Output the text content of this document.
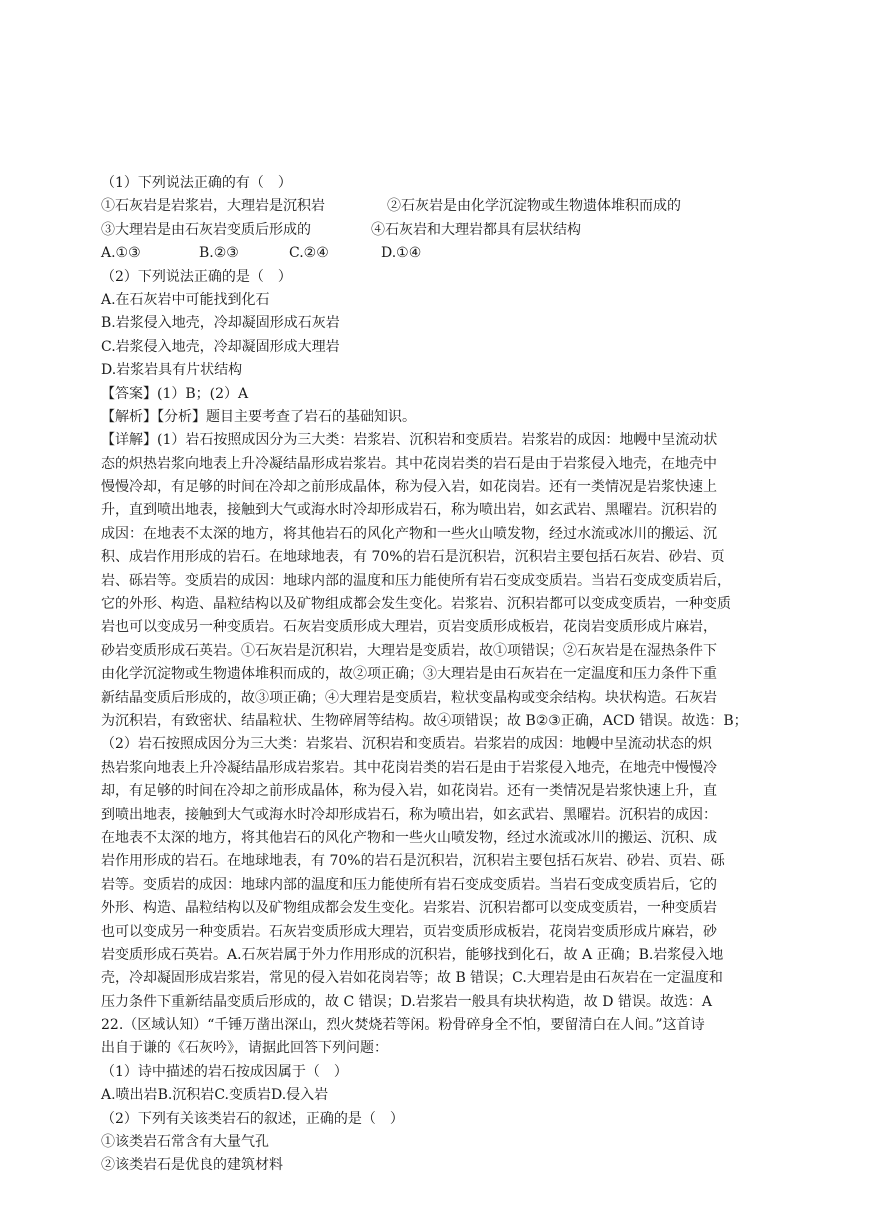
（1）下列说法正确的有（　）
①石灰岩是岩浆岩，大理岩是沉积岩	②石灰岩是由化学沉淀物或生物遗体堆积而成的
③大理岩是由石灰岩变质后形成的	④石灰岩和大理岩都具有层状结构
A.①③	B.②③	C.②④	D.①④
（2）下列说法正确的是（　）
A.在石灰岩中可能找到化石
B.岩浆侵入地壳，冷却凝固形成石灰岩
C.岩浆侵入地壳，冷却凝固形成大理岩
D.岩浆岩具有片状结构
【答案】(1）B；(2）A
【解析】【分析】题目主要考查了岩石的基础知识。
【详解】(1）岩石按照成因分为三大类：岩浆岩、沉积岩和变质岩。岩浆岩的成因：地幔中呈流动状
态的炽热岩浆向地表上升冷凝结晶形成岩浆岩。其中花岗岩类的岩石是由于岩浆侵入地壳，在地壳中
慢慢冷却，有足够的时间在冷却之前形成晶体，称为侵入岩，如花岗岩。还有一类情况是岩浆快速上
升，直到喷出地表，接触到大气或海水时冷却形成岩石，称为喷出岩，如玄武岩、黑曜岩。沉积岩的
成因：在地表不太深的地方，将其他岩石的风化产物和一些火山喷发物，经过水流或冰川的搬运、沉
积、成岩作用形成的岩石。在地球地表，有 70%的岩石是沉积岩，沉积岩主要包括石灰岩、砂岩、页
岩、砾岩等。变质岩的成因：地球内部的温度和压力能使所有岩石变成变质岩。当岩石变成变质岩后，
它的外形、构造、晶粒结构以及矿物组成都会发生变化。岩浆岩、沉积岩都可以变成变质岩，一种变质
岩也可以变成另一种变质岩。石灰岩变质形成大理岩，页岩变质形成板岩，花岗岩变质形成片麻岩，
砂岩变质形成石英岩。①石灰岩是沉积岩，大理岩是变质岩，故①项错误；②石灰岩是在湿热条件下
由化学沉淀物或生物遗体堆积而成的，故②项正确；③大理岩是由石灰岩在一定温度和压力条件下重
新结晶变质后形成的，故③项正确；④大理岩是变质岩，粒状变晶构或变余结构。块状构造。石灰岩
为沉积岩，有致密状、结晶粒状、生物碎屑等结构。故④项错误；故 B②③正确，ACD 错误。故选：B；
（2）岩石按照成因分为三大类：岩浆岩、沉积岩和变质岩。岩浆岩的成因：地幔中呈流动状态的炽
热岩浆向地表上升冷凝结晶形成岩浆岩。其中花岗岩类的岩石是由于岩浆侵入地壳，在地壳中慢慢冷
却，有足够的时间在冷却之前形成晶体，称为侵入岩，如花岗岩。还有一类情况是岩浆快速上升，直
到喷出地表，接触到大气或海水时冷却形成岩石，称为喷出岩，如玄武岩、黑曜岩。沉积岩的成因：
在地表不太深的地方，将其他岩石的风化产物和一些火山喷发物，经过水流或冰川的搬运、沉积、成
岩作用形成的岩石。在地球地表，有 70%的岩石是沉积岩，沉积岩主要包括石灰岩、砂岩、页岩、砾
岩等。变质岩的成因：地球内部的温度和压力能使所有岩石变成变质岩。当岩石变成变质岩后，它的
外形、构造、晶粒结构以及矿物组成都会发生变化。岩浆岩、沉积岩都可以变成变质岩，一种变质岩
也可以变成另一种变质岩。石灰岩变质形成大理岩，页岩变质形成板岩，花岗岩变质形成片麻岩，砂
岩变质形成石英岩。A.石灰岩属于外力作用形成的沉积岩，能够找到化石，故 A 正确；B.岩浆侵入地
壳，冷却凝固形成岩浆岩，常见的侵入岩如花岗岩等；故 B 错误；C.大理岩是由石灰岩在一定温度和
压力条件下重新结晶变质后形成的，故 C 错误；D.岩浆岩一般具有块状构造，故 D 错误。故选：A
22.（区域认知）“千锤万凿出深山，烈火焚烧若等闲。粉骨碎身全不怕，要留清白在人间。”这首诗
出自于谦的《石灰吟》，请据此回答下列问题：
（1）诗中描述的岩石按成因属于（　）
A.喷出岩B.沉积岩C.变质岩D.侵入岩
（2）下列有关该类岩石的叙述，正确的是（　）
①该类岩石常含有大量气孔
②该类岩石是优良的建筑材料
